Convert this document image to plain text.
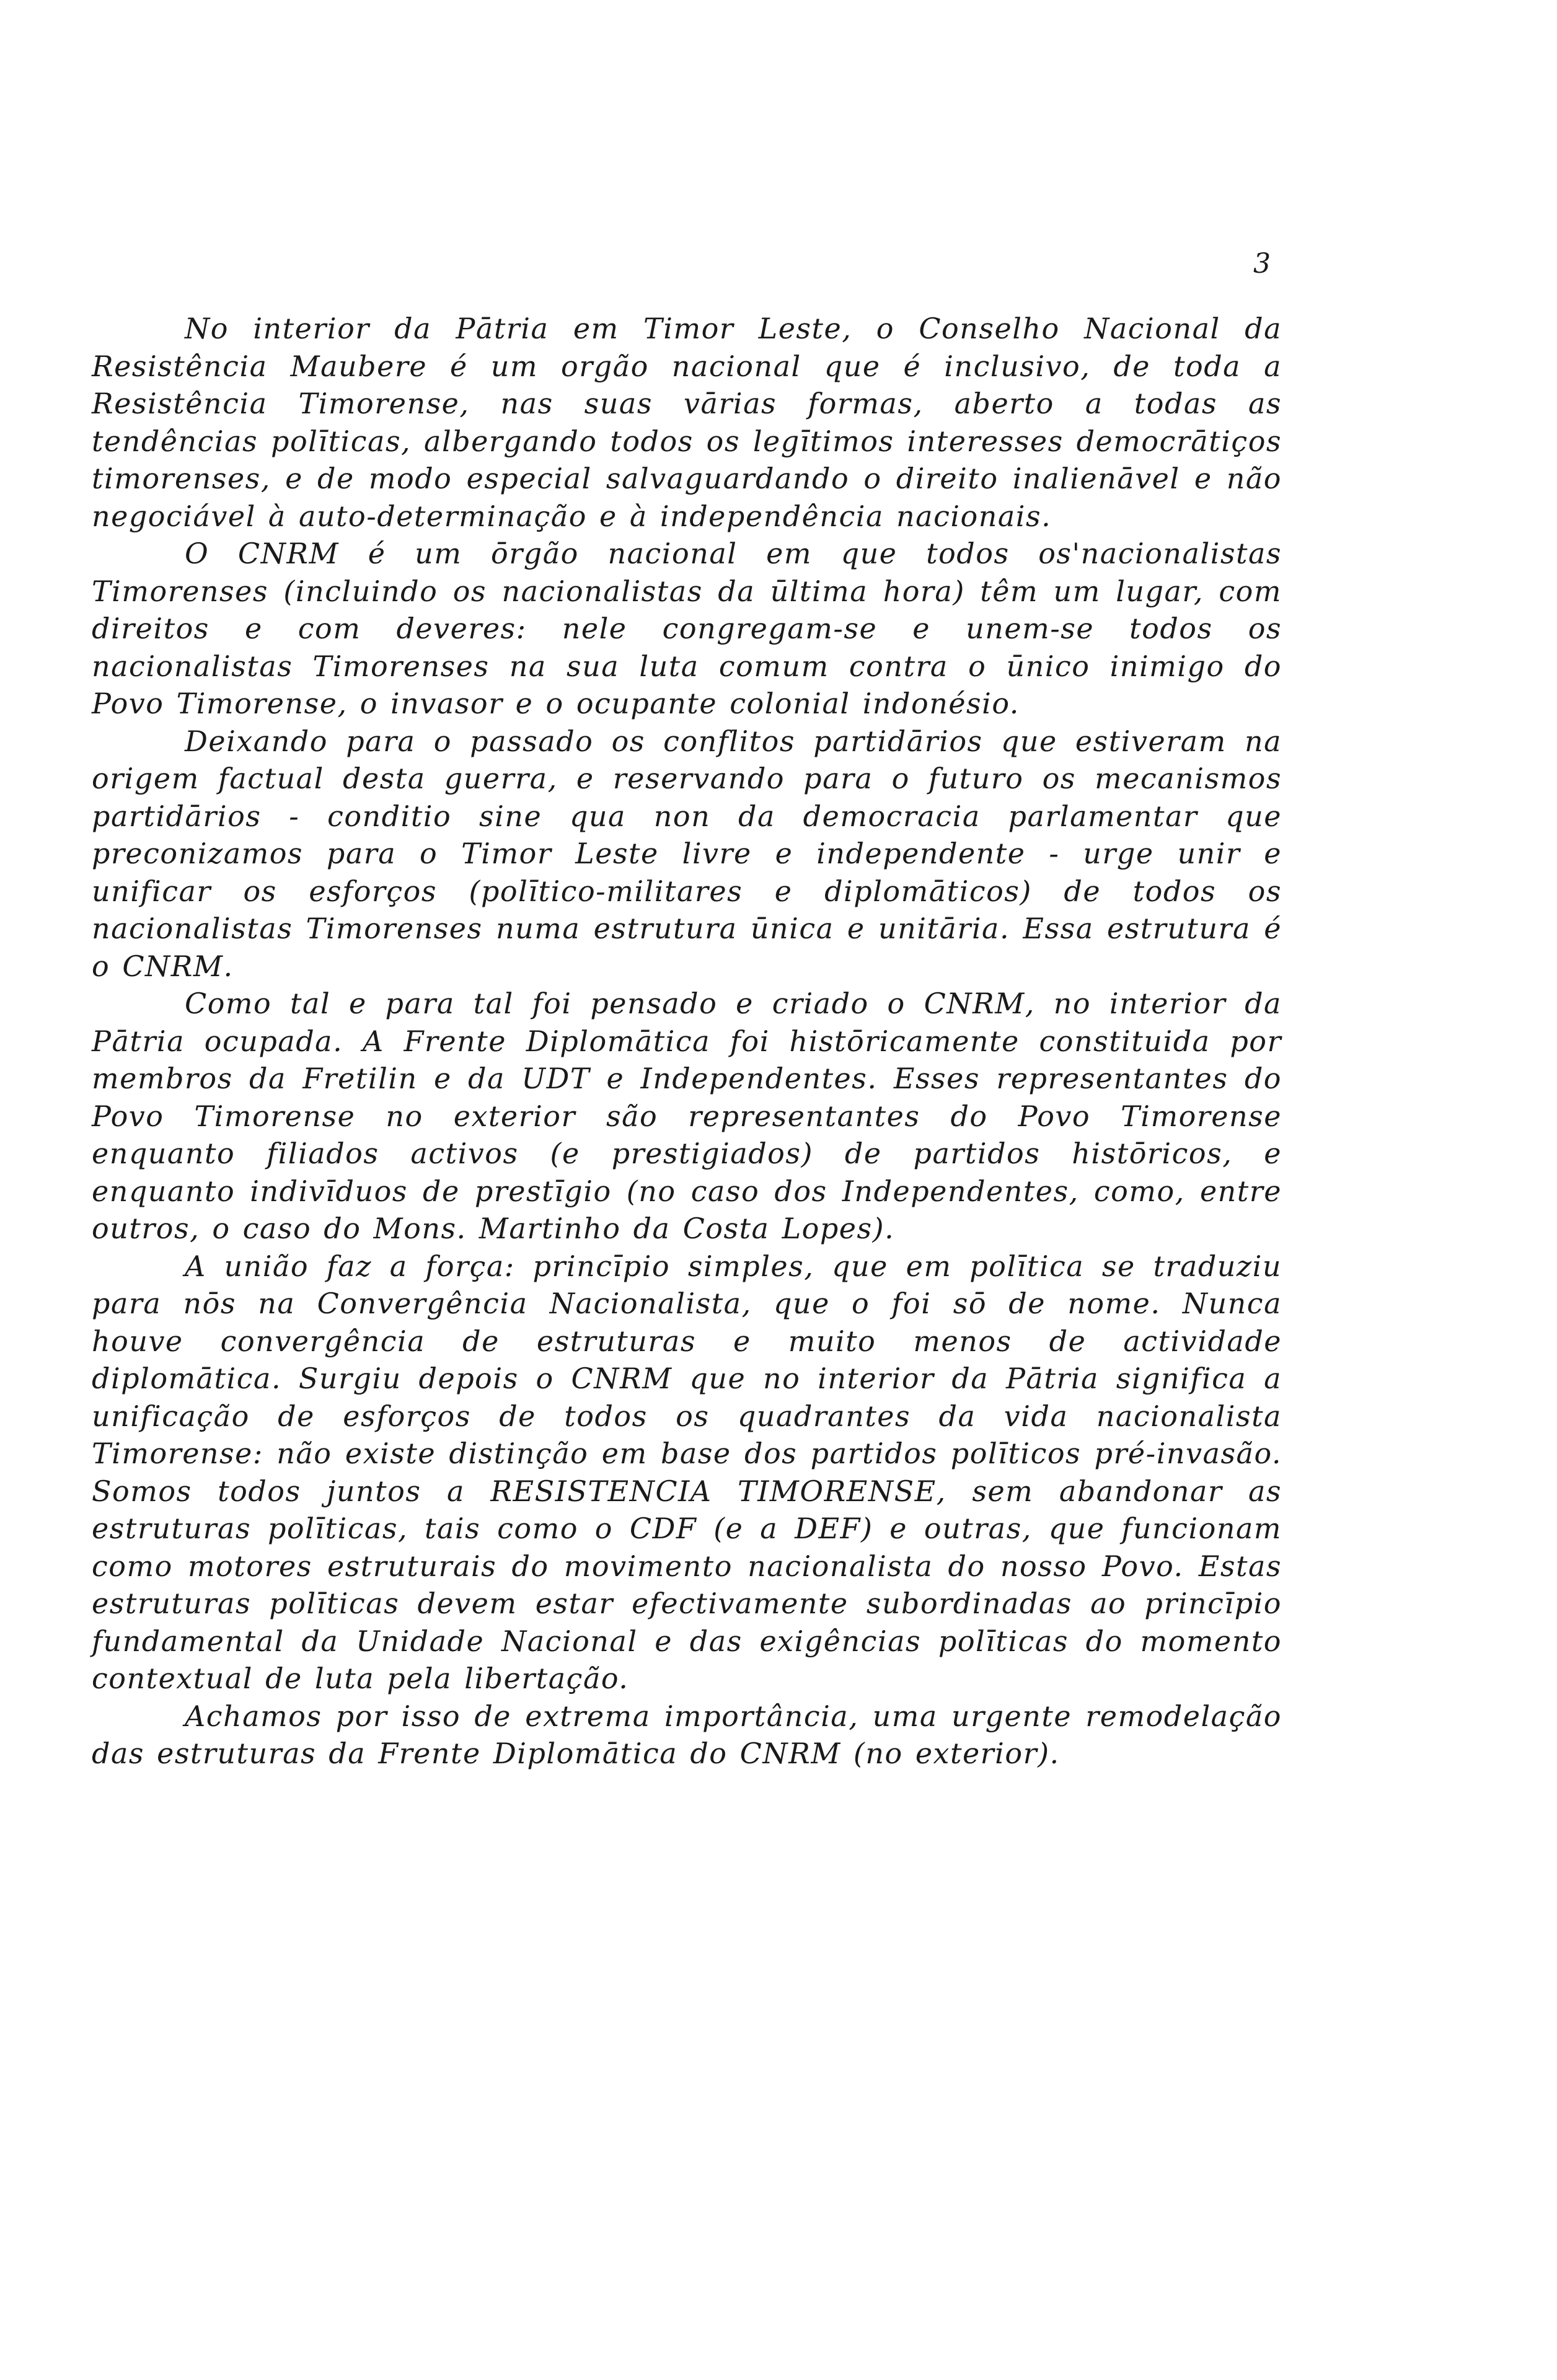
3

No interior da Pātria em Timor Leste, o Conselho Nacional da Resistência Maubere é um orgão nacional que é inclusivo, de toda a Resistência Timorense, nas suas vārias formas, aberto a todas as tendências polīticas, albergando todos os legītimos interesses democrātiços timorenses, e de modo especial salvaguardando o direito inalienāvel e não negociável à auto-determinação e à independência nacionais.

O CNRM é um ōrgão nacional em que todos os'nacionalistas Timorenses (incluindo os nacionalistas da ūltima hora) têm um lugar, com direitos e com deveres: nele congregam-se e unem-se todos os nacionalistas Timorenses na sua luta comum contra o ūnico inimigo do Povo Timorense, o invasor e o ocupante colonial indonésio.

Deixando para o passado os conflitos partidārios que estiveram na origem factual desta guerra, e reservando para o futuro os mecanismos partidārios - conditio sine qua non da democracia parlamentar que preconizamos para o Timor Leste livre e independente - urge unir e unificar os esforços (polītico-militares e diplomāticos) de todos os nacionalistas Timorenses numa estrutura ūnica e unitāria. Essa estrutura é o CNRM.

Como tal e para tal foi pensado e criado o CNRM, no interior da Pātria ocupada. A Frente Diplomātica foi histōricamente constituida por membros da Fretilin e da UDT e Independentes. Esses representantes do Povo Timorense no exterior são representantes do Povo Timorense enquanto filiados activos (e prestigiados) de partidos histōricos, e enquanto indivīduos de prestīgio (no caso dos Independentes, como, entre outros, o caso do Mons. Martinho da Costa Lopes).

A união faz a força: princīpio simples, que em polītica se traduziu para nōs na Convergência Nacionalista, que o foi sō de nome. Nunca houve convergência de estruturas e muito menos de actividade diplomātica. Surgiu depois o CNRM que no interior da Pātria significa a unificação de esforços de todos os quadrantes da vida nacionalista Timorense: não existe distinção em base dos partidos polīticos pré-invasão. Somos todos juntos a RESISTENCIA TIMORENSE, sem abandonar as estruturas polīticas, tais como o CDF (e a DEF) e outras, que funcionam como motores estruturais do movimento nacionalista do nosso Povo. Estas estruturas polīticas devem estar efectivamente subordinadas ao princīpio fundamental da Unidade Nacional e das exigências polīticas do momento contextual de luta pela libertação.

Achamos por isso de extrema importância, uma urgente remodelação das estruturas da Frente Diplomātica do CNRM (no exterior).
